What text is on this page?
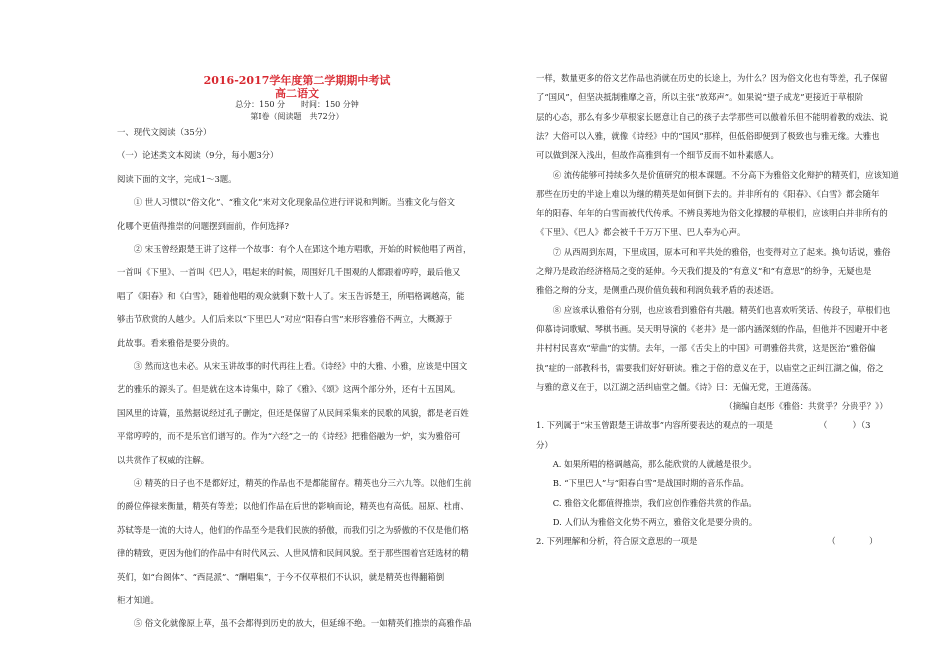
2016-2017学年度第二学期期中考试
高二语文
总分：150 分　　时间：150 分钟
第Ⅰ卷（阅读题　共72分）

一、现代文阅读（35分）

（一）论述类文本阅读（9分，每小题3分）

阅读下面的文字，完成1～3题。

　　① 世人习惯以“俗文化”、“雅文化”来对文化现象品位进行评说和判断。当雅文化与俗文

化哪个更值得推崇的问题摆到面前，作何选择?

　　② 宋玉曾经跟楚王讲了这样一个故事：有个人在郢这个地方唱歌，开始的时候他唱了两首，

一首叫《下里》、一首叫《巴人》，唱起来的时候，周围好几千围观的人都跟着哼哼，最后他又

唱了《阳春》和《白雪》，随着他唱的观众就剩下数十人了。宋玉告诉楚王，所唱格调越高，能

够击节欣赏的人越少。人们后来以“下里巴人”对应“阳春白雪”来形容雅俗不两立，大概源于

此故事。看来雅俗是要分贵的。

　　③ 然而这也未必。从宋玉讲故事的时代再往上看。《诗经》中的大雅、小雅，应该是中国文

艺的雅乐的源头了。但是就在这本诗集中，除了《雅》、《颂》这两个部分外，还有十五国风。

国风里的诗篇，虽然据说经过孔子删定，但还是保留了从民间采集来的民歌的风貌，都是老百姓

平常哼哼的，而不是乐官们谱写的。作为“六经”之一的《诗经》把雅俗融为一炉，实为雅俗可

以共赏作了权威的注解。

　　④ 精英的日子也不是都好过，精英的作品也不是都能留存。精英也分三六九等。以他们生前

的爵位俸禄来衡量，精英有等差；以他们作品在后世的影响而论，精英也有高低。屈原、杜甫、

苏轼等是一流的大诗人，他们的作品至今是我们民族的骄傲，而我们引之为骄傲的不仅是他们格

律的精致，更因为他们的作品中有时代风云、人世风情和民间风貌。至于那些围着宫廷选材的精

英们，如“台阁体”、“西昆派”、“酬唱集”，于今不仅草根们不认识，就是精英也得翻箱倒

柜才知道。

　　⑤ 俗文化就像原上草，虽不会都得到历史的放大，但延绵不绝。一如精英们推崇的高雅作品

一样，数量更多的俗文艺作品也消就在历史的长途上，为什么？因为俗文化也有等差，孔子保留

了“国风”，但坚决抵制雅靡之音，所以主张“放郑声”。如果说“望子成龙”更接近于草根阶

层的心态，那么有多少草根家长愿意让自己的孩子去学那些可以傲着乐但不能明着教的戏法、说

法？大俗可以入雅，就像《诗经》中的“国风”那样，但低俗即便到了极致也与雅无缘。大雅也

可以做到深入浅出，但故作高雅到有一个细节反而不如朴素感人。

　　⑥ 流传能够可持续多久是价值研究的根本课题。不分高下为雅俗文化辩护的精英们，应该知道

那些在历史的半途上难以为继的精英是如何倒下去的。并非所有的《阳春》、《白雪》都会随年

年的阳春、年年的白雪而被代代传承。不辨良莠地为俗文化撑腰的草根们，应该明白并非所有的

《下里》、《巴人》都会被千千万万下里、巴人奉为心声。

　　⑦ 从西周到东周，下里成国，原本可和平共处的雅俗，也变得对立了起来。换句话说，雅俗

之辩乃是政治经济格局之变的延伸。今天我们提及的“有意义”和“有意思”的纷争，无疑也是

雅俗之辩的分支，是侧重凸现价值负载和利润负载矛盾的表述语。

　　⑧ 应该承认雅俗有分别，也应该看到雅俗有共融。精英们也喜欢听笑话、传段子，草根们也

仰慕诗词歌赋、琴棋书画。吴天明导演的《老井》是一部内涵深刻的作品，但他并不因避开中老

井村村民喜欢“荤曲”的实情。去年，一部《舌尖上的中国》可谓雅俗共赏，这是医治“雅俗偏

执”症的一部教科书，需要我们好好研读。雅之于俗的意义在于，以庙堂之正纠江湖之偏，俗之

与雅的意义在于，以江湖之活纠庙堂之僵。《诗》曰：无偏无党，王道荡荡。

　　　　　　　　　　　　　　　　　　　　　　　（摘编自赵彤《雅俗：共赏乎？分贵乎？》）

1. 下列属于“宋玉曾跟楚王讲故事”内容所要表达的观点的一项是　　　　　　（　　　）（3

分）

　　A. 如果所唱的格调越高，那么能欣赏的人就越是很少。

　　B. “下里巴人”与“阳春白雪”是战国时期的音乐作品。

　　C. 雅俗文化都值得推崇，我们应创作雅俗共赏的作品。

　　D. 人们认为雅俗文化势不两立，雅俗文化是要分贵的。

2. 下列理解和分析，符合原文意思的一项是　　　　　　　　　　　　　　　　（　　　　）
